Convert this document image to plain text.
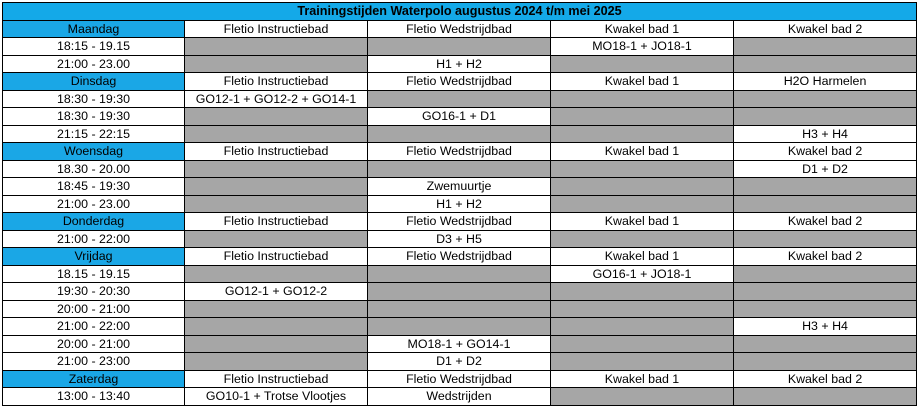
Trainingstijden Waterpolo augustus 2024 t/m mei 2025				
Maandag	Fletio Instructiebad	Fletio Wedstrijdbad	Kwakel bad 1	Kwakel bad 2
18:15 - 19.15			MO18-1 + JO18-1	
21:00 - 23.00		H1 + H2		
Dinsdag	Fletio Instructiebad	Fletio Wedstrijdbad	Kwakel bad 1	H2O Harmelen
18:30 - 19:30	GO12-1 + GO12-2 + GO14-1			
18:30 - 19:30		GO16-1 + D1		
21:15 - 22:15				H3 + H4
Woensdag	Fletio Instructiebad	Fletio Wedstrijdbad	Kwakel bad 1	Kwakel bad 2
18.30 - 20.00				D1 + D2
18:45 - 19:30		Zwemuurtje		
21:00 - 23.00		H1 + H2		
Donderdag	Fletio Instructiebad	Fletio Wedstrijdbad	Kwakel bad 1	Kwakel bad 2
21:00 - 22:00		D3 + H5		
Vrijdag	Fletio Instructiebad	Fletio Wedstrijdbad	Kwakel bad 1	Kwakel bad 2
18.15 - 19.15			GO16-1 + JO18-1	
19:30 - 20:30	GO12-1 + GO12-2			
20:00 - 21:00				
21:00 - 22:00				H3 + H4
20:00 - 21:00		MO18-1 + GO14-1		
21:00 - 23:00		D1 + D2		
Zaterdag	Fletio Instructiebad	Fletio Wedstrijdbad	Kwakel bad 1	Kwakel bad 2
13:00 - 13:40	GO10-1 + Trotse Vlootjes	Wedstrijden		
